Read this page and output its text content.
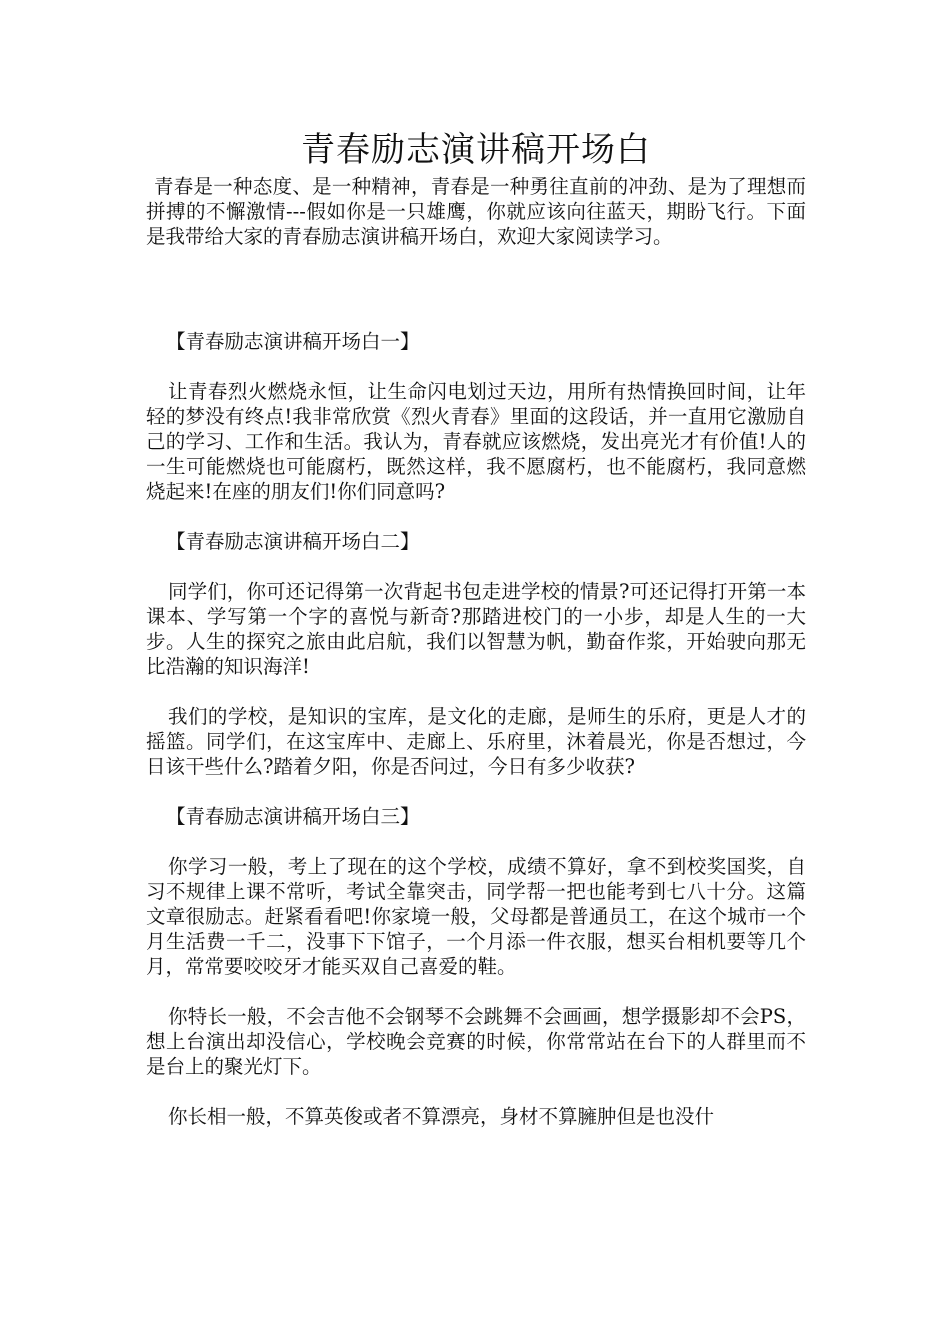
青春励志演讲稿开场白

青春是一种态度、是一种精神，青春是一种勇往直前的冲劲、是为了理想而拼搏的不懈激情---假如你是一只雄鹰，你就应该向往蓝天，期盼飞行。下面是我带给大家的青春励志演讲稿开场白，欢迎大家阅读学习。

【青春励志演讲稿开场白一】

让青春烈火燃烧永恒，让生命闪电划过天边，用所有热情换回时间，让年轻的梦没有终点!我非常欣赏《烈火青春》里面的这段话，并一直用它激励自己的学习、工作和生活。我认为，青春就应该燃烧，发出亮光才有价值!人的一生可能燃烧也可能腐朽，既然这样，我不愿腐朽，也不能腐朽，我同意燃烧起来!在座的朋友们!你们同意吗?

【青春励志演讲稿开场白二】

同学们，你可还记得第一次背起书包走进学校的情景?可还记得打开第一本课本、学写第一个字的喜悦与新奇?那踏进校门的一小步，却是人生的一大步。人生的探究之旅由此启航，我们以智慧为帆，勤奋作浆，开始驶向那无比浩瀚的知识海洋!

我们的学校，是知识的宝库，是文化的走廊，是师生的乐府，更是人才的摇篮。同学们，在这宝库中、走廊上、乐府里，沐着晨光，你是否想过，今日该干些什么?踏着夕阳，你是否问过，今日有多少收获?

【青春励志演讲稿开场白三】

你学习一般，考上了现在的这个学校，成绩不算好，拿不到校奖国奖，自习不规律上课不常听，考试全靠突击，同学帮一把也能考到七八十分。这篇文章很励志。赶紧看看吧!你家境一般，父母都是普通员工，在这个城市一个月生活费一千二，没事下下馆子，一个月添一件衣服，想买台相机要等几个月，常常要咬咬牙才能买双自己喜爱的鞋。

你特长一般，不会吉他不会钢琴不会跳舞不会画画，想学摄影却不会PS，想上台演出却没信心，学校晚会竞赛的时候，你常常站在台下的人群里而不是台上的聚光灯下。

你长相一般，不算英俊或者不算漂亮，身材不算臃肿但是也没什
